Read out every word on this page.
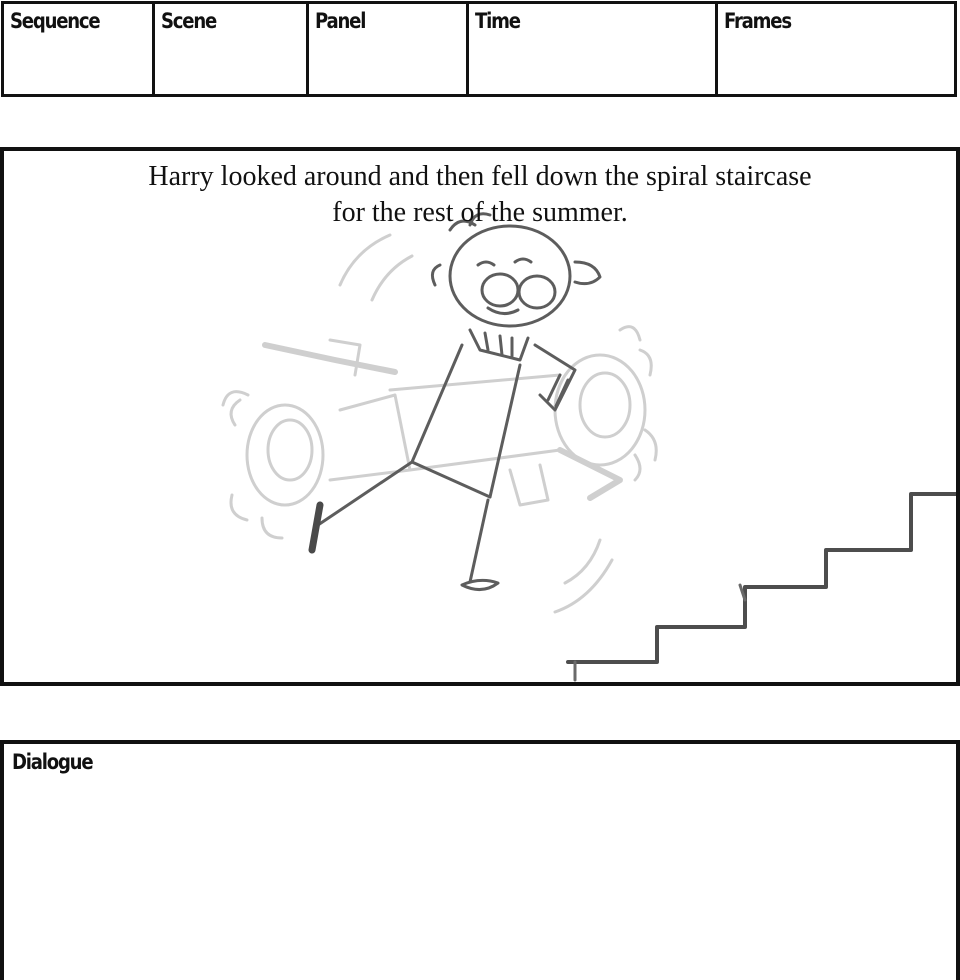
Sequence	Scene	Panel	Time	Frames
Harry looked around and then fell down the spiral staircase
for the rest of the summer.
Dialogue
